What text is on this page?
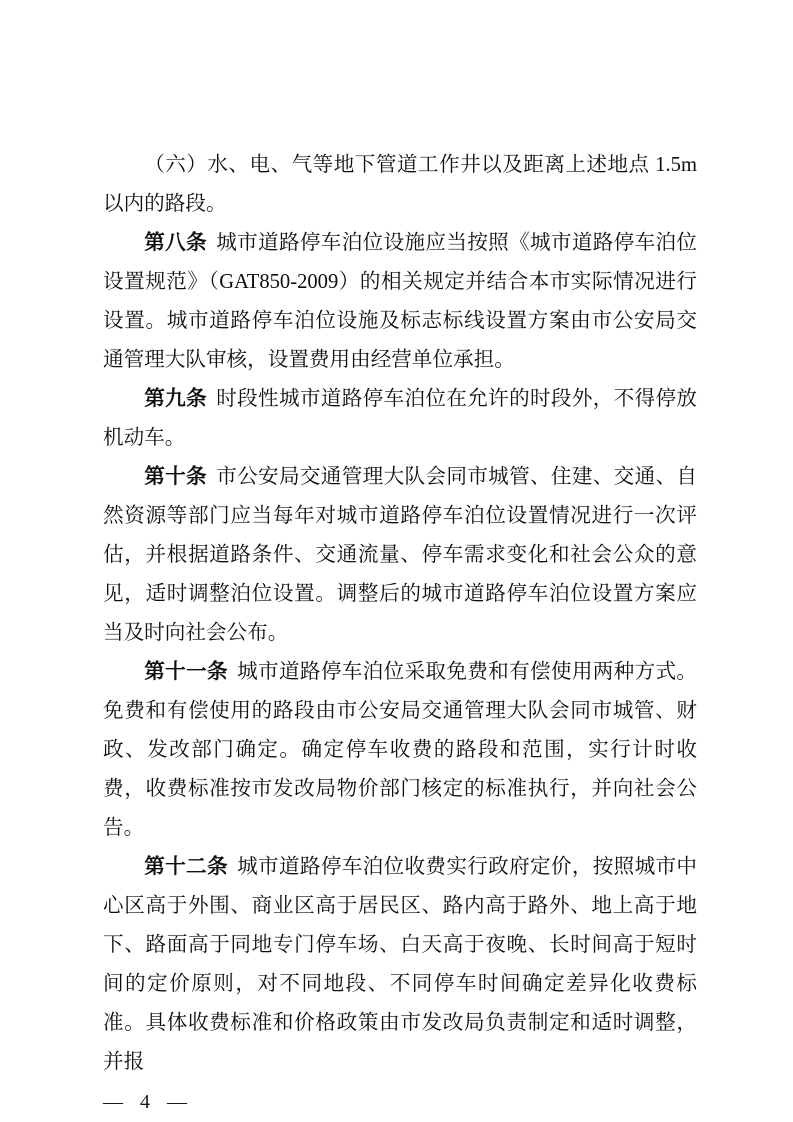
（六）水、电、气等地下管道工作井以及距离上述地点 1.5m 以内的路段。

第八条 城市道路停车泊位设施应当按照《城市道路停车泊位设置规范》（GAT850-2009）的相关规定并结合本市实际情况进行设置。城市道路停车泊位设施及标志标线设置方案由市公安局交通管理大队审核，设置费用由经营单位承担。

第九条 时段性城市道路停车泊位在允许的时段外，不得停放机动车。

第十条 市公安局交通管理大队会同市城管、住建、交通、自然资源等部门应当每年对城市道路停车泊位设置情况进行一次评估，并根据道路条件、交通流量、停车需求变化和社会公众的意见，适时调整泊位设置。调整后的城市道路停车泊位设置方案应当及时向社会公布。

第十一条 城市道路停车泊位采取免费和有偿使用两种方式。免费和有偿使用的路段由市公安局交通管理大队会同市城管、财政、发改部门确定。确定停车收费的路段和范围，实行计时收费，收费标准按市发改局物价部门核定的标准执行，并向社会公告。

第十二条 城市道路停车泊位收费实行政府定价，按照城市中心区高于外围、商业区高于居民区、路内高于路外、地上高于地下、路面高于同地专门停车场、白天高于夜晚、长时间高于短时间的定价原则，对不同地段、不同停车时间确定差异化收费标准。具体收费标准和价格政策由市发改局负责制定和适时调整，并报

— 4 —
